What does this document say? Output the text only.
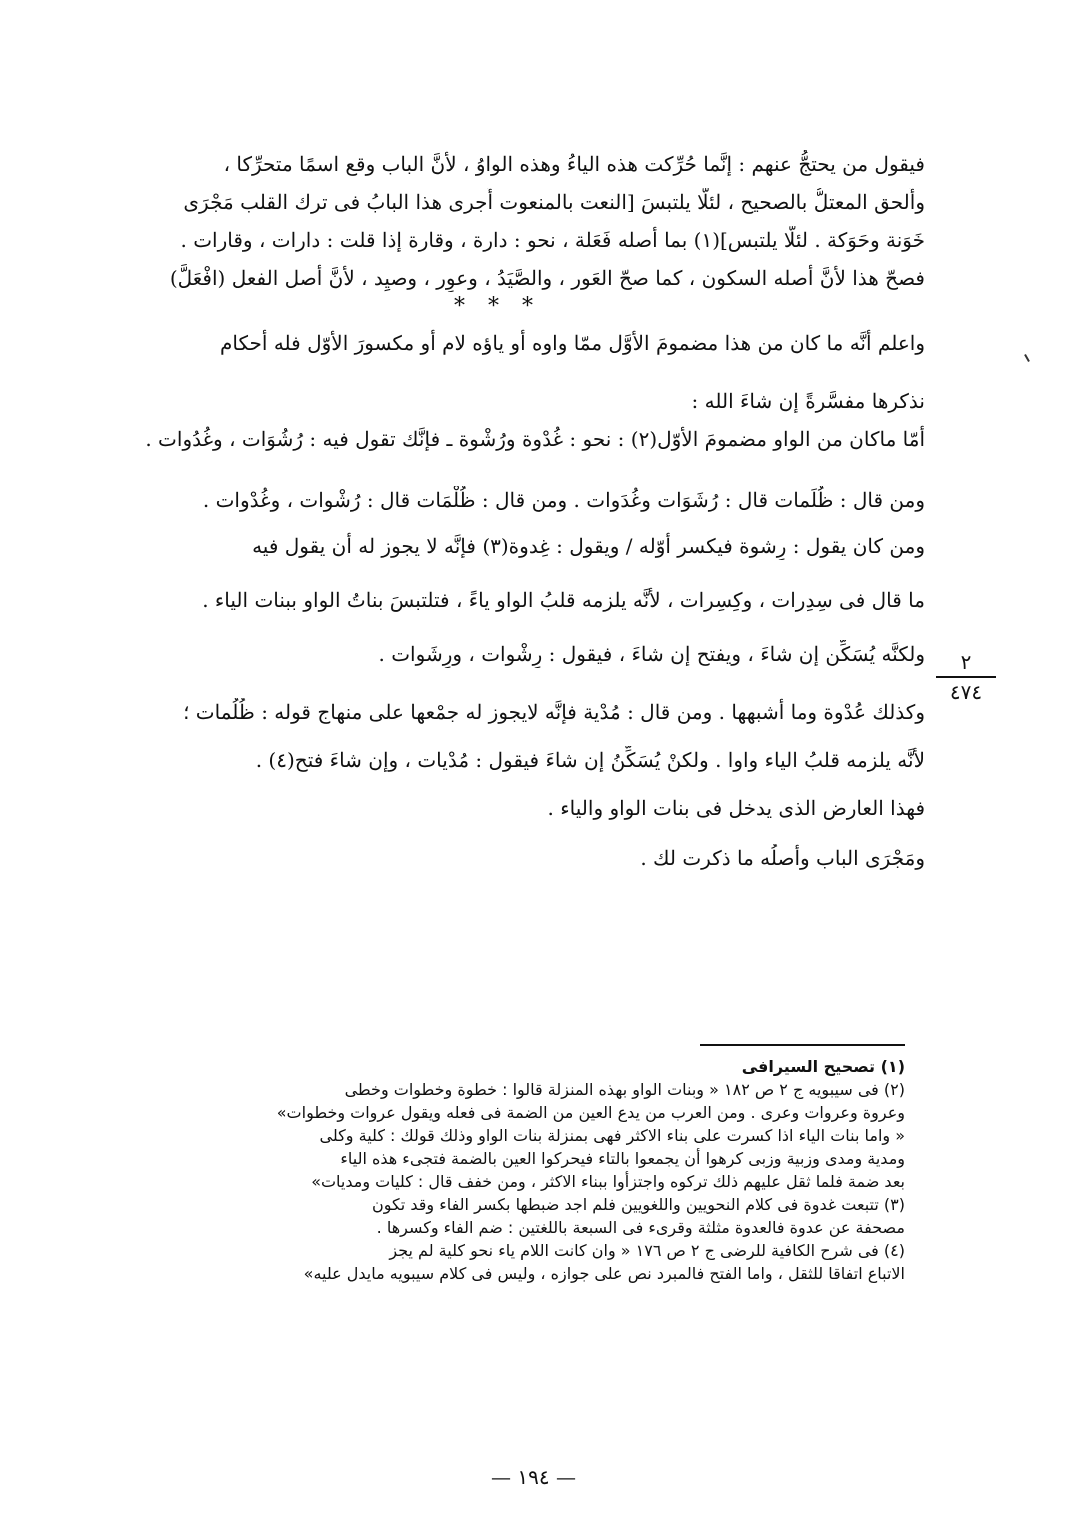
فيقول من يحتجُّ عنهم : إنَّما حُرِّكت هذه الياءُ وهذه الواوُ ، لأنَّ الباب وقع اسمًا متحرِّكا ،

وأُلحق المعتلُّ بالصحيح ، لئلَّا يلتبسَ [النعت بالمنعوت أُجرى هذا البابُ فى ترك القلب مَجْرَى

خَوَنة وحَوَكة . لئلَّا يلتبس](١) بما أصله فَعَلة ، نحو : دارة ، وقارة إذا قلت : دارات ، وقارات .

فصحّ هذا لأنَّ أصله السكون ، كما صحّ العَور ، والصَّيَدُ ، وعوِر ، وصيِد ، لأنَّ أصل الفعل (افْعَلَّ)

* * *

واعلم أنَّه ما كان من هذا مضمومَ الأوَّل ممّا واوه أو ياؤه لام أو مكسورَ الأوّل فله أحكام

نذكرها مفسَّرةً إن شاءَ الله :

أمّا ماكان من الواو مضمومَ الأوّل(٢) : نحو : غُدْوة ورُشْوة ـ فإنَّك تقول فيه : رُشُوَات ، وغُدُوات .

ومن قال : ظُلَمات قال : رُشَوَات وغُدَوات . ومن قال : ظُلْمَات قال : رُشْوات ، وغُدْوات .

ومن كان يقول : رِشوة فيكسر أوّله / ويقول : غِدوة(٣) فإنَّه لا يجوز له أن يقول فيه

ما قال فى سِدِرات ، وكِسِرات ، لأنَّه يلزمه قلبُ الواو ياءً ، فتلتبسَ بناتُ الواو ببنات الياء .

ولكنَّه يُسَكِّن إن شاءَ ، ويفتح إن شاءَ ، فيقول : رِشْوات ، ورِشَوات .

وكذلك عُدْوة وما أشبهها . ومن قال : مُدْية فإنَّه لايجوز له جمْعها على منهاج قوله : ظُلُمات ؛

لأنَّه يلزمه قلبُ الياء واوا . ولكنْ يُسَكِّنُ إن شاءَ فيقول : مُدْيات ، وإن شاءَ فتح(٤) .

فهذا العارض الذى يدخل فى بنات الواو والياء .

ومَجْرَى الباب وأصلُه ما ذكرت لك .

٢
٤٧٤

(١) تصحيح السيرافى

(٢) فى سيبويه ج ٢ ص ١٨٢ « وبنات الواو بهذه المنزلة قالوا : خطوة وخطوات وخطى

وعروة وعروات وعرى . ومن العرب من يدع العين من الضمة فى فعله ويقول عروات وخطوات»

« واما بنات الياء اذا كسرت على بناء الاكثر فهى بمنزلة بنات الواو وذلك قولك : كلية وكلى

ومدية ومدى وزبية وزبى كرهوا أن يجمعوا بالتاء فيحركوا العين بالضمة فتجىء هذه الياء

بعد ضمة فلما ثقل عليهم ذلك تركوه واجتزأوا ببناء الاكثر ، ومن خفف قال : كليات ومديات»

(٣) تتبعت غدوة فى كلام النحويين واللغويين فلم اجد ضبطها بكسر الفاء وقد تكون

مصحفة عن عدوة فالعدوة مثلثة وقرىء فى السبعة باللغتين : ضم الفاء وكسرها .

(٤) فى شرح الكافية للرضى ج ٢ ص ١٧٦ « وان كانت اللام ياء نحو كلية لم يجز

الاتباع اتفاقا للثقل ، واما الفتح فالمبرد نص على جوازه ، وليس فى كلام سيبويه مايدل عليه»

— ١٩٤ —
